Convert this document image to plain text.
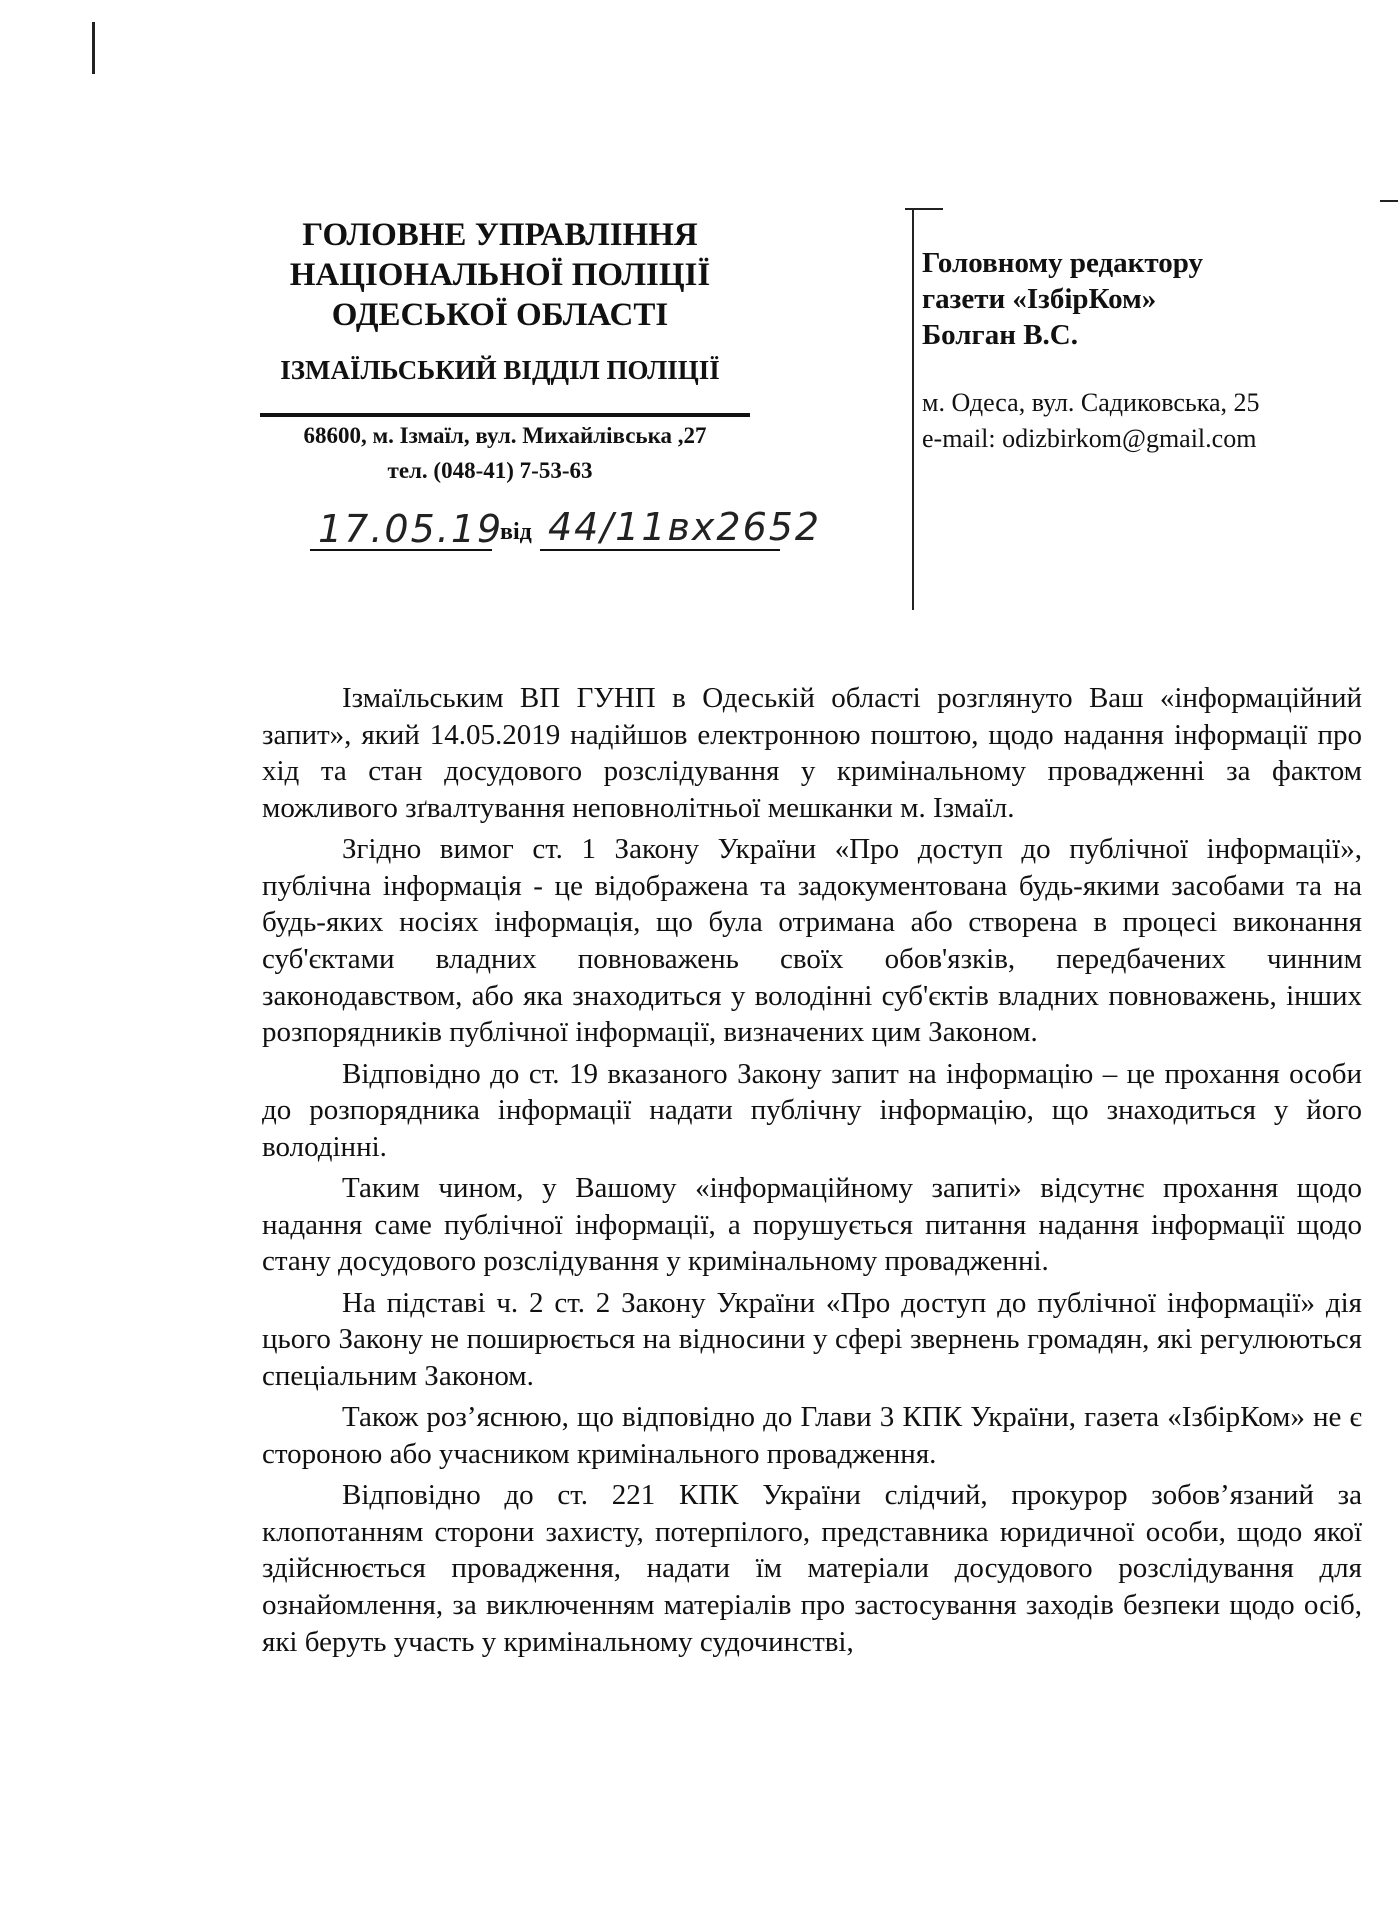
ГОЛОВНЕ УПРАВЛІННЯ
НАЦІОНАЛЬНОЇ ПОЛІЦІЇ
ОДЕСЬКОЇ ОБЛАСТІ
ІЗМАЇЛЬСЬКИЙ ВІДДІЛ ПОЛІЦІЇ
68600, м. Ізмаїл, вул. Михайлівська ,27
тел. (048-41) 7-53-63
17.05.19
від 44/11вх2652
Головному редактору
газети «ІзбірКом»
Болган В.С.
м. Одеса, вул. Садиковська, 25
e-mail: odizbirkom@gmail.com

Ізмаїльським ВП ГУНП в Одеській області розглянуто Ваш «інформаційний запит», який 14.05.2019 надійшов електронною поштою, щодо надання інформації про хід та стан досудового розслідування у кримінальному провадженні за фактом можливого зґвалтування неповнолітньої мешканки м. Ізмаїл.

Згідно вимог ст. 1 Закону України «Про доступ до публічної інформації», публічна інформація - це відображена та задокументована будь-якими засобами та на будь-яких носіях інформація, що була отримана або створена в процесі виконання суб'єктами владних повноважень своїх обов'язків, передбачених чинним законодавством, або яка знаходиться у володінні суб'єктів владних повноважень, інших розпорядників публічної інформації, визначених цим Законом.

Відповідно до ст. 19 вказаного Закону запит на інформацію – це прохання особи до розпорядника інформації надати публічну інформацію, що знаходиться у його володінні.

Таким чином, у Вашому «інформаційному запиті» відсутнє прохання щодо надання саме публічної інформації, а порушується питання надання інформації щодо стану досудового розслідування у кримінальному провадженні.

На підставі ч. 2 ст. 2 Закону України «Про доступ до публічної інформації» дія цього Закону не поширюється на відносини у сфері звернень громадян, які регулюються спеціальним Законом.

Також роз’яснюю, що відповідно до Глави 3 КПК України, газета «ІзбірКом» не є стороною або учасником кримінального провадження.

Відповідно до ст. 221 КПК України слідчий, прокурор зобов’язаний за клопотанням сторони захисту, потерпілого, представника юридичної особи, щодо якої здійснюється провадження, надати їм матеріали досудового розслідування для ознайомлення, за виключенням матеріалів про застосування заходів безпеки щодо осіб, які беруть участь у кримінальному судочинстві,
